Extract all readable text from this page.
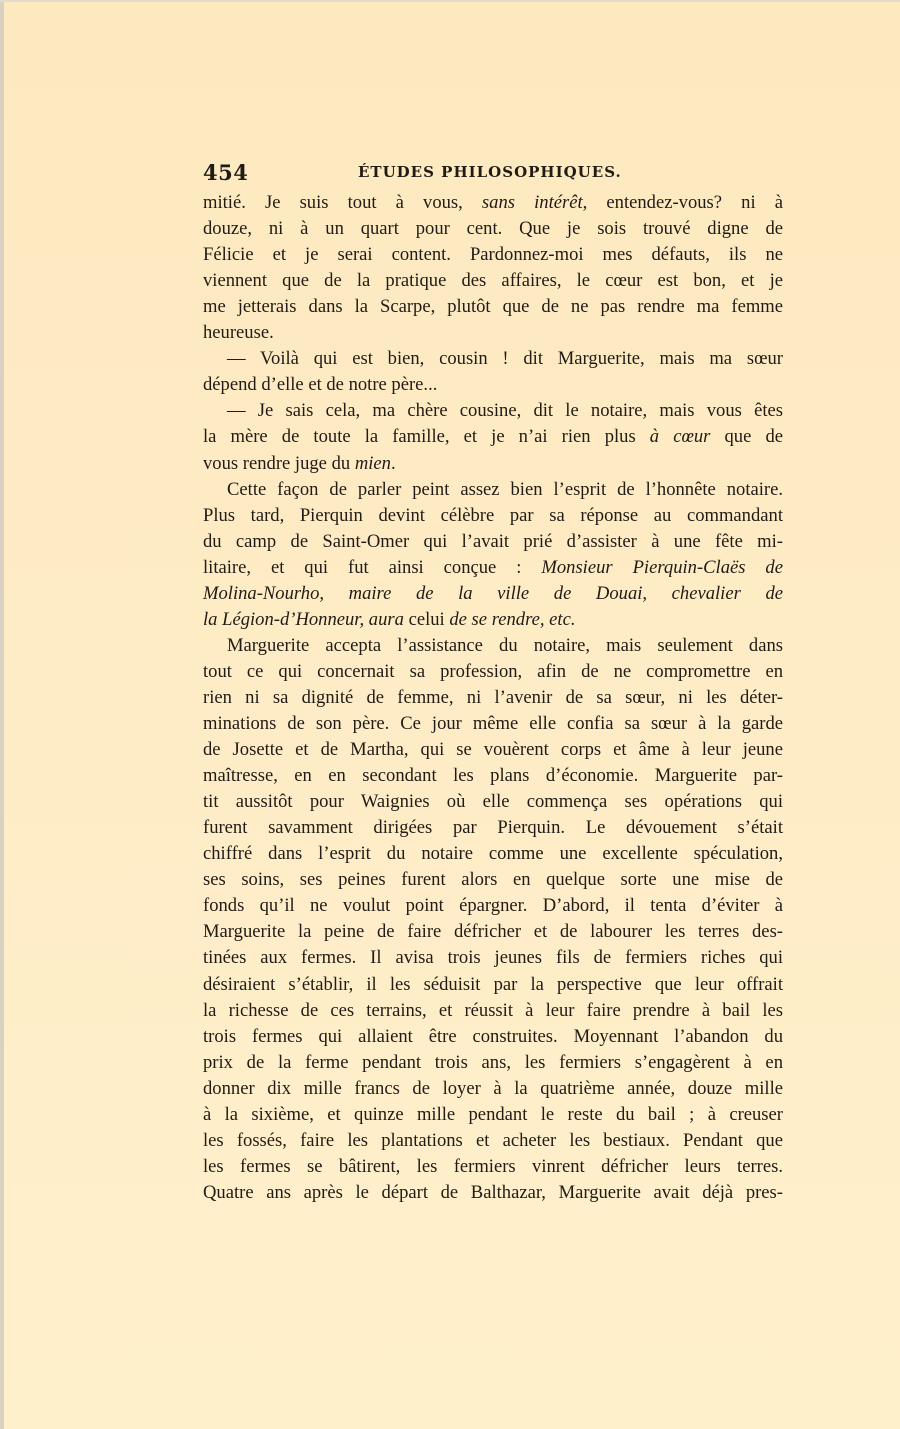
454	ÉTUDES PHILOSOPHIQUES.
mitié. Je suis tout à vous, sans intérêt, entendez-vous? ni à
douze, ni à un quart pour cent. Que je sois trouvé digne de
Félicie et je serai content. Pardonnez-moi mes défauts, ils ne
viennent que de la pratique des affaires, le cœur est bon, et je
me jetterais dans la Scarpe, plutôt que de ne pas rendre ma femme
heureuse.
— Voilà qui est bien, cousin ! dit Marguerite, mais ma sœur
dépend d’elle et de notre père...
— Je sais cela, ma chère cousine, dit le notaire, mais vous êtes
la mère de toute la famille, et je n’ai rien plus à cœur que de
vous rendre juge du mien.
Cette façon de parler peint assez bien l’esprit de l’honnête notaire.
Plus tard, Pierquin devint célèbre par sa réponse au commandant
du camp de Saint-Omer qui l’avait prié d’assister à une fête mi-
litaire, et qui fut ainsi conçue : Monsieur Pierquin-Claës de
Molina-Nourho, maire de la ville de Douai, chevalier de
la Légion-d’Honneur, aura celui de se rendre, etc.
Marguerite accepta l’assistance du notaire, mais seulement dans
tout ce qui concernait sa profession, afin de ne compromettre en
rien ni sa dignité de femme, ni l’avenir de sa sœur, ni les déter-
minations de son père. Ce jour même elle confia sa sœur à la garde
de Josette et de Martha, qui se vouèrent corps et âme à leur jeune
maîtresse, en en secondant les plans d’économie. Marguerite par-
tit aussitôt pour Waignies où elle commença ses opérations qui
furent savamment dirigées par Pierquin. Le dévouement s’était
chiffré dans l’esprit du notaire comme une excellente spéculation,
ses soins, ses peines furent alors en quelque sorte une mise de
fonds qu’il ne voulut point épargner. D’abord, il tenta d’éviter à
Marguerite la peine de faire défricher et de labourer les terres des-
tinées aux fermes. Il avisa trois jeunes fils de fermiers riches qui
désiraient s’établir, il les séduisit par la perspective que leur offrait
la richesse de ces terrains, et réussit à leur faire prendre à bail les
trois fermes qui allaient être construites. Moyennant l’abandon du
prix de la ferme pendant trois ans, les fermiers s’engagèrent à en
donner dix mille francs de loyer à la quatrième année, douze mille
à la sixième, et quinze mille pendant le reste du bail ; à creuser
les fossés, faire les plantations et acheter les bestiaux. Pendant que
les fermes se bâtirent, les fermiers vinrent défricher leurs terres.
Quatre ans après le départ de Balthazar, Marguerite avait déjà pres-
